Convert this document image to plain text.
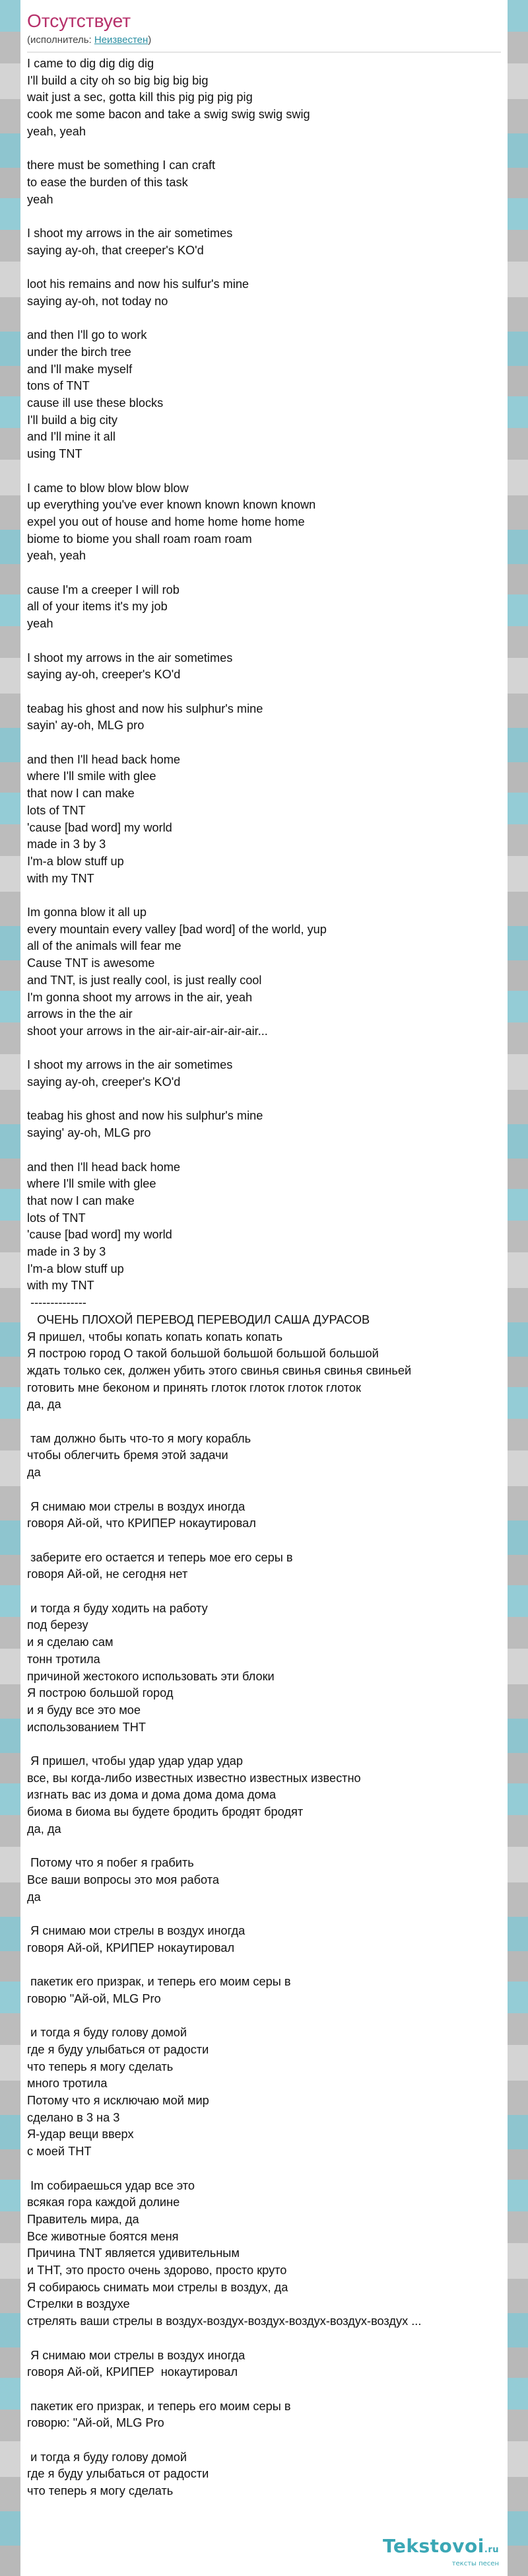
Отсутствует
(исполнитель: Неизвестен)
I came to dig dig dig dig
I'll build a city oh so big big big big
wait just a sec, gotta kill this pig pig pig pig
cook me some bacon and take a swig swig swig swig
yeah, yeah
there must be something I can craft
to ease the burden of this task
yeah
I shoot my arrows in the air sometimes
saying ay-oh, that creeper's KO'd
loot his remains and now his sulfur's mine
saying ay-oh, not today no
and then I'll go to work
under the birch tree
and I'll make myself
tons of TNT
cause ill use these blocks
I'll build a big city
and I'll mine it all
using TNT
I came to blow blow blow blow
up everything you've ever known known known known
expel you out of house and home home home home
biome to biome you shall roam roam roam
yeah, yeah
cause I'm a creeper I will rob
all of your items it's my job
yeah
I shoot my arrows in the air sometimes
saying ay-oh, creeper's KO'd
teabag his ghost and now his sulphur's mine
sayin' ay-oh, MLG pro
and then I'll head back home
where I'll smile with glee
that now I can make
lots of TNT
'cause [bad word] my world
made in 3 by 3
I'm-a blow stuff up
with my TNT
Im gonna blow it all up
every mountain every valley [bad word] of the world, yup
all of the animals will fear me
Cause TNT is awesome
and TNT, is just really cool, is just really cool
I'm gonna shoot my arrows in the air, yeah
arrows in the the air
shoot your arrows in the air-air-air-air-air-air...
I shoot my arrows in the air sometimes
saying ay-oh, creeper's KO'd
teabag his ghost and now his sulphur's mine
saying' ay-oh, MLG pro
and then I'll head back home
where I'll smile with glee
that now I can make
lots of TNT
'cause [bad word] my world
made in 3 by 3
I'm-a blow stuff up
with my TNT
--------------
ОЧЕНЬ ПЛОХОЙ ПЕРЕВОД ПЕРЕВОДИЛ САША ДУРАСОВ
Я пришел, чтобы копать копать копать копать
Я построю город О такой большой большой большой большой
ждать только сек, должен убить этого свинья свинья свинья свиньей
готовить мне беконом и принять глоток глоток глоток глоток
да, да
там должно быть что-то я могу корабль
чтобы облегчить бремя этой задачи
да
Я снимаю мои стрелы в воздух иногда
говоря Ай-ой, что КРИПЕР нокаутировал
заберите его остается и теперь мое его серы в
говоря Ай-ой, не сегодня нет
и тогда я буду ходить на работу
под березу
и я сделаю сам
тонн тротила
причиной жестокого использовать эти блоки
Я построю большой город
и я буду все это мое
использованием ТНТ
Я пришел, чтобы удар удар удар удар
все, вы когда-либо известных известно известных известно
изгнать вас из дома и дома дома дома дома
биома в биома вы будете бродить бродят бродят
да, да
Потому что я побег я грабить
Все ваши вопросы это моя работа
да
Я снимаю мои стрелы в воздух иногда
говоря Ай-ой, КРИПЕР нокаутировал
пакетик его призрак, и теперь его моим серы в
говорю "Ай-ой, MLG Pro
и тогда я буду голову домой
где я буду улыбаться от радости
что теперь я могу сделать
много тротила
Потому что я исключаю мой мир
сделано в 3 на 3
Я-удар вещи вверх
с моей ТНТ
Im собираешься удар все это
всякая гора каждой долине
Правитель мира, да
Все животные боятся меня
Причина TNT является удивительным
и ТНТ, это просто очень здорово, просто круто
Я собираюсь снимать мои стрелы в воздух, да
Стрелки в воздухе
стрелять ваши стрелы в воздух-воздух-воздух-воздух-воздух-воздух ...
Я снимаю мои стрелы в воздух иногда
говоря Ай-ой, КРИПЕР  нокаутировал
пакетик его призрак, и теперь его моим серы в
говорю: "Ай-ой, MLG Pro
и тогда я буду голову домой
где я буду улыбаться от радости
что теперь я могу сделать
Tekstovoi.ru
тексты песен
